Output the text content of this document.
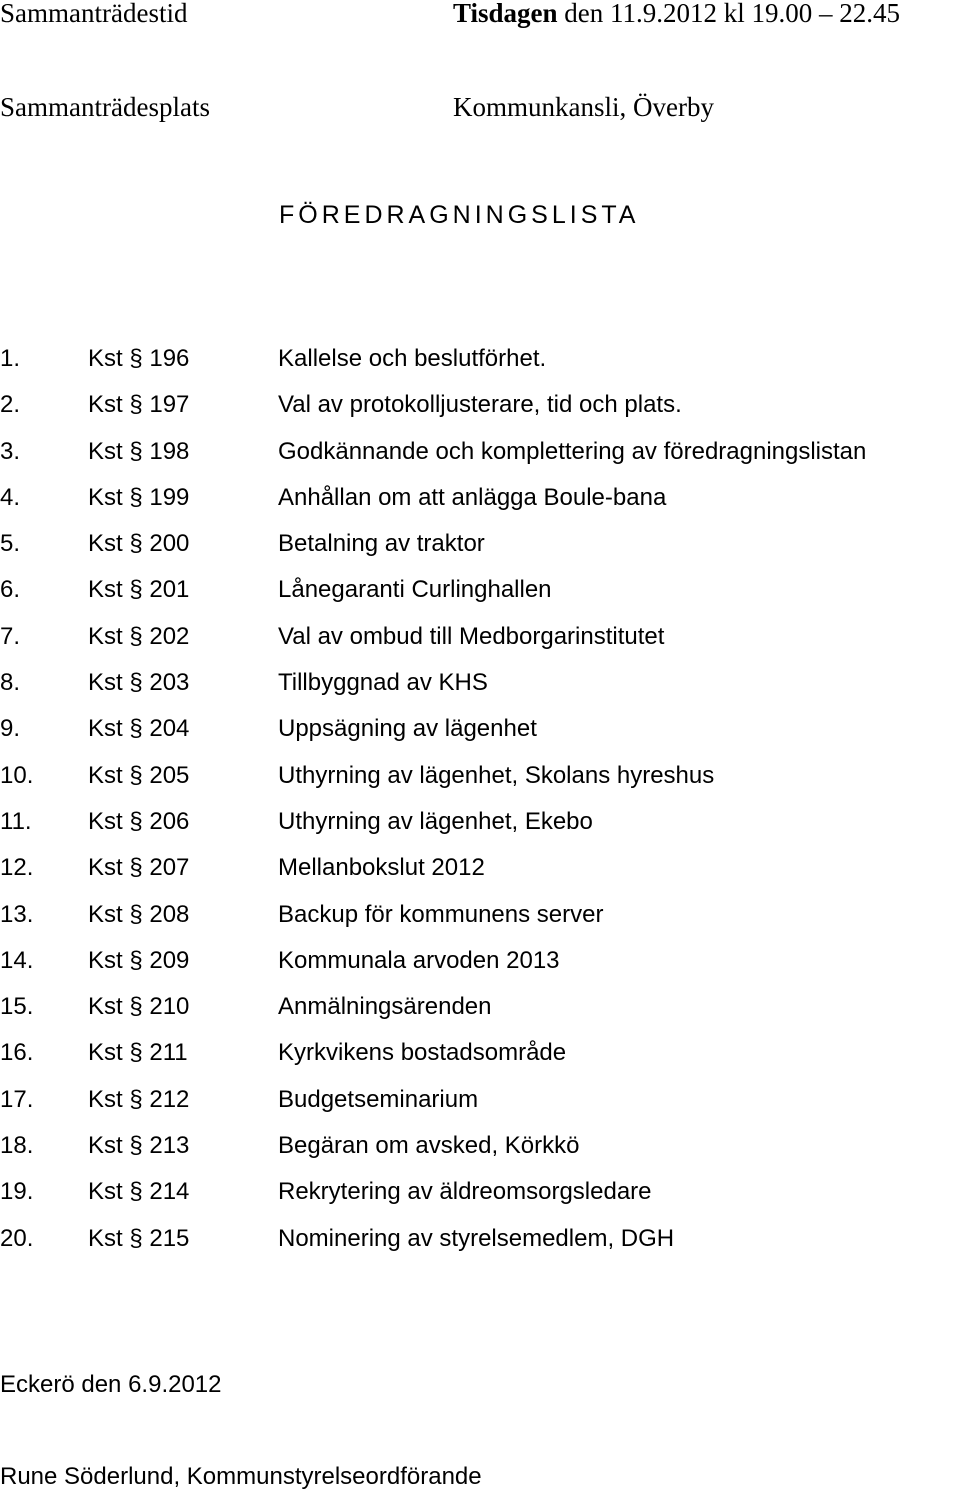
Sammanträdestid	Tisdagen den 11.9.2012 kl 19.00 – 22.45
Sammanträdesplats	Kommunkansli, Överby
FÖREDRAGNINGSLISTA
1.	Kst § 196	Kallelse och beslutförhet.
2.	Kst § 197	Val av protokolljusterare, tid och plats.
3.	Kst § 198	Godkännande och komplettering av föredragningslistan
4.	Kst § 199	Anhållan om att anlägga Boule-bana
5.	Kst § 200	Betalning av traktor
6.	Kst § 201	Lånegaranti Curlinghallen
7.	Kst § 202	Val av ombud till Medborgarinstitutet
8.	Kst § 203	Tillbyggnad av KHS
9.	Kst § 204	Uppsägning av lägenhet
10. Kst § 205	Uthyrning av lägenhet, Skolans hyreshus
11. Kst § 206	Uthyrning av lägenhet, Ekebo
12. Kst § 207	Mellanbokslut 2012
13. Kst § 208	Backup för kommunens server
14. Kst § 209	Kommunala arvoden 2013
15. Kst § 210	Anmälningsärenden
16. Kst § 211	Kyrkvikens bostadsområde
17. Kst § 212	Budgetseminarium
18. Kst § 213	Begäran om avsked, Körkkö
19. Kst § 214	Rekrytering av äldreomsorgsledare
20. Kst § 215	Nominering av styrelsemedlem, DGH
Eckerö den 6.9.2012
Rune Söderlund, Kommunstyrelseordförande
